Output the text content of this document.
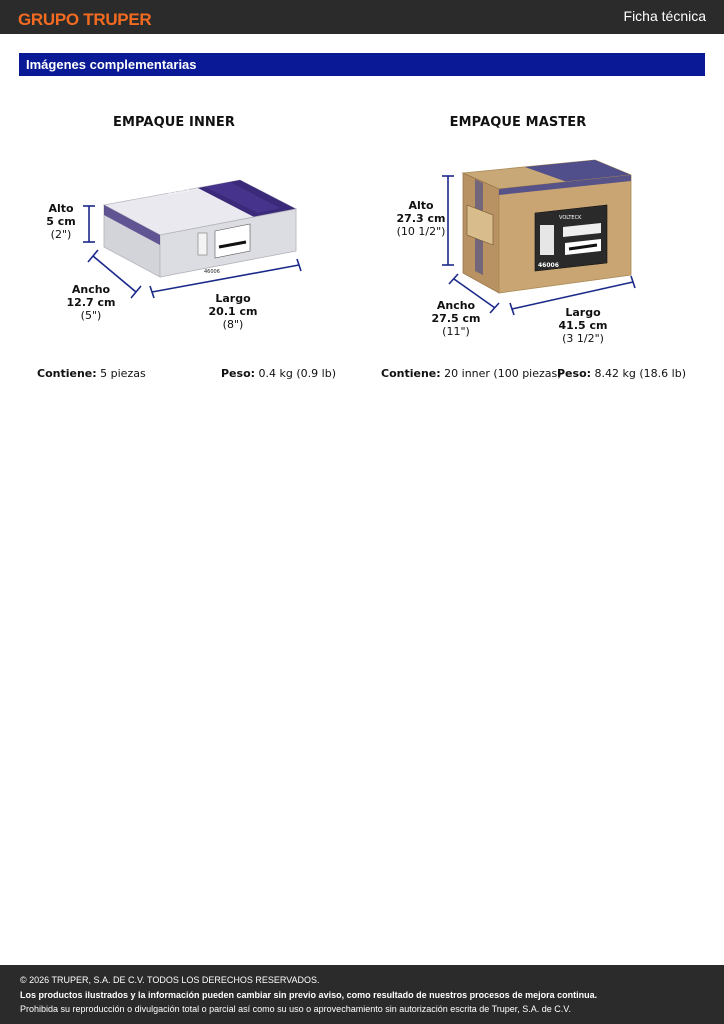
GRUPO TRUPER	Ficha técnica
Imágenes complementarias
EMPAQUE INNER
VOLTECK
46006
Alto
5 cm
(2")
Ancho
12.7 cm
(5")
Largo
20.1 cm
(8")
Contiene: 5 piezas	Peso: 0.4 kg (0.9 lb)
EMPAQUE MASTER
VOLTECK
46006
Alto
27.3 cm
(10 1/2")
Ancho
27.5 cm
(11")
Largo
41.5 cm
(3 1/2")
Contiene: 20 inner (100 piezas)
Peso: 8.42 kg (18.6 lb)
© 2026 TRUPER, S.A. DE C.V. TODOS LOS DERECHOS RESERVADOS.
Los productos ilustrados y la información pueden cambiar sin previo aviso, como resultado de nuestros procesos de mejora continua.
Prohibida su reproducción o divulgación total o parcial así como su uso o aprovechamiento sin autorización escrita de Truper, S.A. de C.V.
